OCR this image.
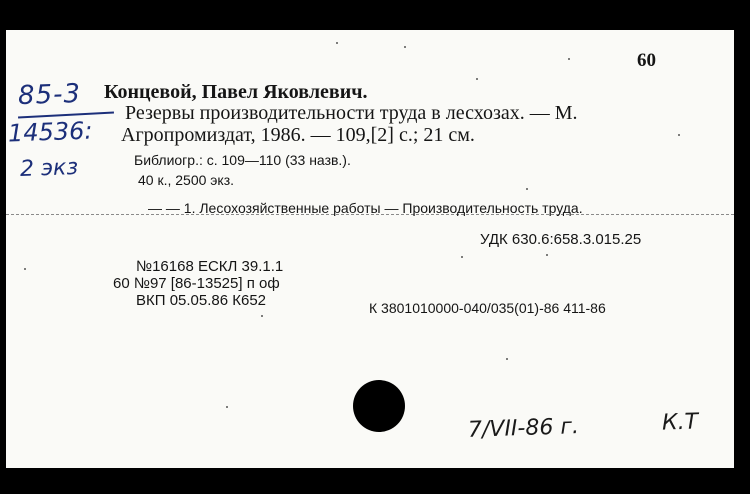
60
85-3
14536:
2 экз
Концевой, Павел Яковлевич.
Резервы производительности труда в лесхозах. — М.
Агропромиздат, 1986. — 109,[2] с.; 21 см.
Библиогр.: с. 109—110 (33 назв.).
40 к., 2500 экз.
— — 1. Лесохозяйственные работы — Производительность труда.
УДК 630.6:658.3.015.25
№16168 ЕСКЛ 39.1.1
60 №97 [86-13525] п оф
ВКП 05.05.86 К652	К 3801010000-040/035(01)-86 411-86
7/VII-86 г.	К.Т
